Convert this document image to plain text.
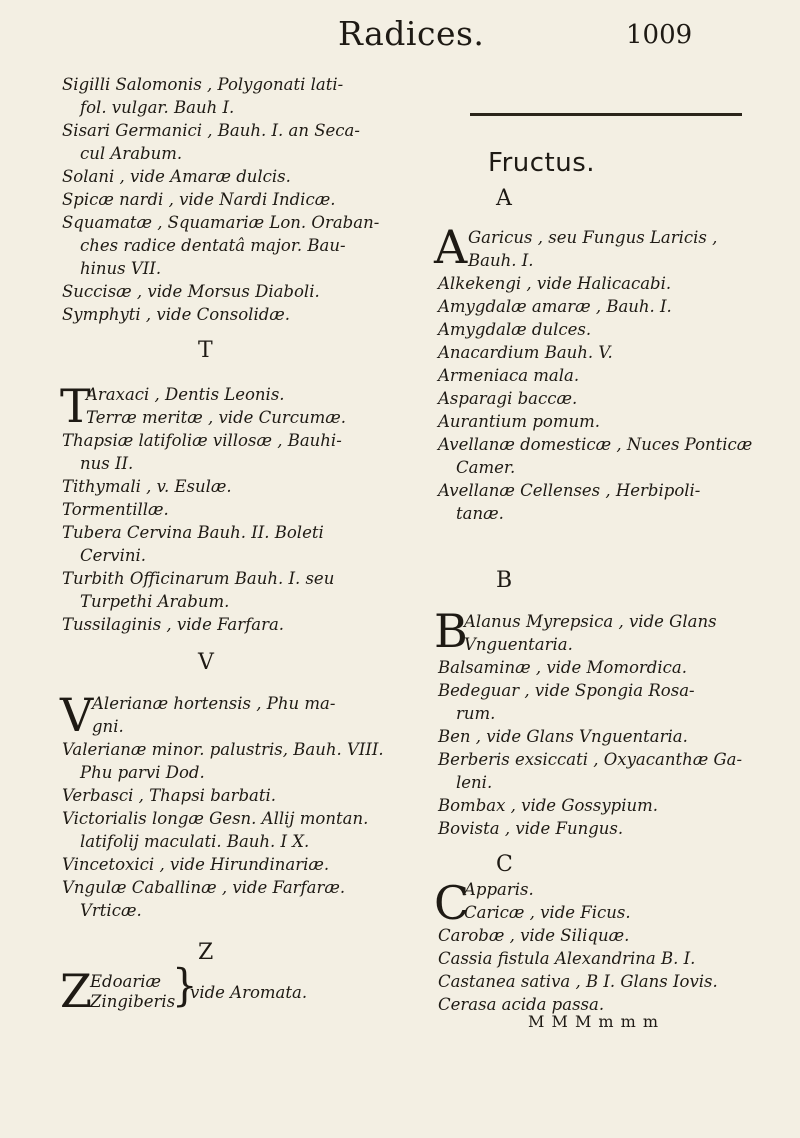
Radices.	1009
Sigilli Salomonis , Polygonati lati-
fol. vulgar. Bauh I.
Sisari Germanici , Bauh. I. an Seca-
cul Arabum.
Solani , vide Amaræ dulcis.
Spicæ nardi , vide Nardi Indicæ.
Squamatæ , Squamariæ Lon. Oraban-
ches radice dentatâ major. Bau-
hinus VII.
Succisæ , vide Morsus Diaboli.
Symphyti , vide Consolidæ.
T
T
Araxaci , Dentis Leonis.
Terræ meritæ , vide Curcumæ.
Thapsiæ latifoliæ villosæ , Bauhi-
nus II.
Tithymali , v. Esulæ.
Tormentillæ.
Tubera Cervina Bauh. II. Boleti
Cervini.
Turbith Officinarum Bauh. I. seu
Turpethi Arabum.
Tussilaginis , vide Farfara.
V
V
Alerianæ hortensis , Phu ma-
gni.
Valerianæ minor. palustris, Bauh. VIII.
Phu parvi Dod.
Verbasci , Thapsi barbati.
Victorialis longæ Gesn. Allij montan.
latifolij maculati. Bauh. I X.
Vincetoxici , vide Hirundinariæ.
Vngulæ Caballinæ , vide Farfaræ.
Vrticæ.
Z
Z
Edoariæ
Zingiberis
}
vide Aromata.
Fructus.
A
A Garicus , seu Fungus Laricis ,
Bauh. I.
Alkekengi , vide Halicacabi.
Amygdalæ amaræ , Bauh. I.
Amygdalæ dulces.
Anacardium Bauh. V.
Armeniaca mala.
Asparagi baccæ.
Aurantium pomum.
Avellanæ domesticæ , Nuces Ponticæ
Camer.
Avellanæ Cellenses , Herbipoli-
tanæ.
B
B
Alanus Myrepsica , vide Glans
Vnguentaria.
Balsaminæ , vide Momordica.
Bedeguar , vide Spongia Rosa-
rum.
Ben , vide Glans Vnguentaria.
Berberis exsiccati , Oxyacanthæ Ga-
leni.
Bombax , vide Gossypium.
Bovista , vide Fungus.
C
C
Apparis.
Caricæ , vide Ficus.
Carobæ , vide Siliquæ.
Cassia fistula Alexandrina B. I.
Castanea sativa , B I. Glans Iovis.
Cerasa acida passa.
M M M m m m
